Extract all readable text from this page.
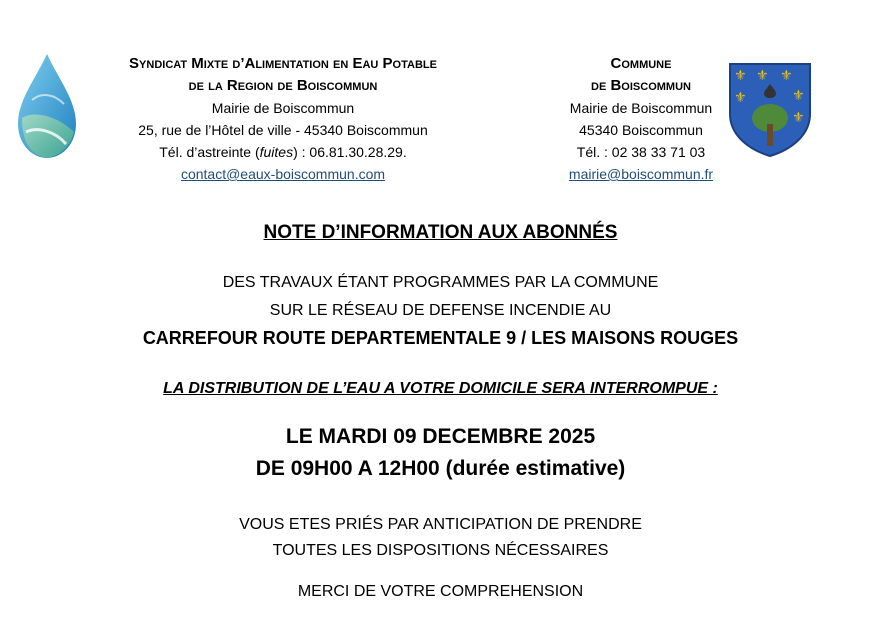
Syndicat Mixte d’Alimentation en Eau Potable
de la Region de Boiscommun
Mairie de Boiscommun
25, rue de l’Hôtel de ville - 45340 Boiscommun
Tél. d’astreinte (fuites) : 06.81.30.28.29.
contact@eaux-boiscommun.com
Commune
de Boiscommun
Mairie de Boiscommun
45340 Boiscommun
Tél. : 02 38 33 71 03
mairie@boiscommun.fr
⚜ ⚜ ⚜
⚜
⚜
⚜
NOTE D’INFORMATION AUX ABONNÉS
DES TRAVAUX ÉTANT PROGRAMMES PAR LA COMMUNE
SUR LE RÉSEAU DE DEFENSE INCENDIE AU
CARREFOUR ROUTE DEPARTEMENTALE 9 / LES MAISONS ROUGES
LA DISTRIBUTION DE L’EAU A VOTRE DOMICILE SERA INTERROMPUE :
LE MARDI 09 DECEMBRE 2025
DE 09H00 A 12H00 (durée estimative)
VOUS ETES PRIÉS PAR ANTICIPATION DE PRENDRE
TOUTES LES DISPOSITIONS NÉCESSAIRES
MERCI DE VOTRE COMPREHENSION
